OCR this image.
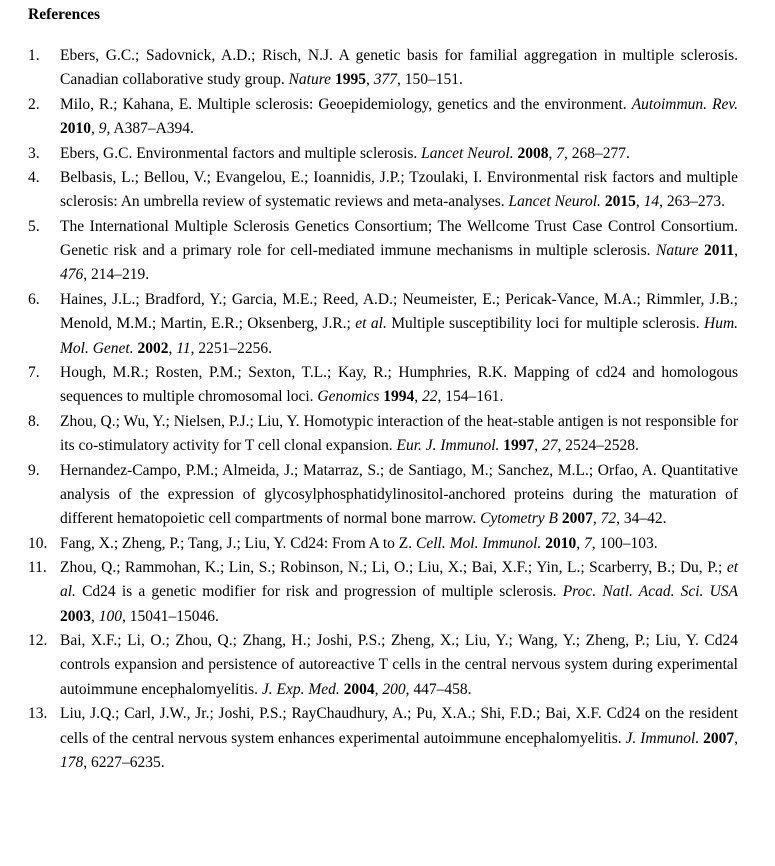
References
1.	Ebers, G.C.; Sadovnick, A.D.; Risch, N.J. A genetic basis for familial aggregation in multiple sclerosis. Canadian collaborative study group. Nature 1995, 377, 150–151.
2.	Milo, R.; Kahana, E. Multiple sclerosis: Geoepidemiology, genetics and the environment. Autoimmun. Rev. 2010, 9, A387–A394.
3.	Ebers, G.C. Environmental factors and multiple sclerosis. Lancet Neurol. 2008, 7, 268–277.
4.	Belbasis, L.; Bellou, V.; Evangelou, E.; Ioannidis, J.P.; Tzoulaki, I. Environmental risk factors and multiple sclerosis: An umbrella review of systematic reviews and meta-analyses. Lancet Neurol. 2015, 14, 263–273.
5.	The International Multiple Sclerosis Genetics Consortium; The Wellcome Trust Case Control Consortium. Genetic risk and a primary role for cell-mediated immune mechanisms in multiple sclerosis. Nature 2011, 476, 214–219.
6.	Haines, J.L.; Bradford, Y.; Garcia, M.E.; Reed, A.D.; Neumeister, E.; Pericak-Vance, M.A.; Rimmler, J.B.; Menold, M.M.; Martin, E.R.; Oksenberg, J.R.; et al. Multiple susceptibility loci for multiple sclerosis. Hum. Mol. Genet. 2002, 11, 2251–2256.
7.	Hough, M.R.; Rosten, P.M.; Sexton, T.L.; Kay, R.; Humphries, R.K. Mapping of cd24 and homologous sequences to multiple chromosomal loci. Genomics 1994, 22, 154–161.
8.	Zhou, Q.; Wu, Y.; Nielsen, P.J.; Liu, Y. Homotypic interaction of the heat-stable antigen is not responsible for its co-stimulatory activity for T cell clonal expansion. Eur. J. Immunol. 1997, 27, 2524–2528.
9.	Hernandez-Campo, P.M.; Almeida, J.; Matarraz, S.; de Santiago, M.; Sanchez, M.L.; Orfao, A. Quantitative analysis of the expression of glycosylphosphatidylinositol-anchored proteins during the maturation of different hematopoietic cell compartments of normal bone marrow. Cytometry B 2007, 72, 34–42.
10. Fang, X.; Zheng, P.; Tang, J.; Liu, Y. Cd24: From A to Z. Cell. Mol. Immunol. 2010, 7, 100–103.
11. Zhou, Q.; Rammohan, K.; Lin, S.; Robinson, N.; Li, O.; Liu, X.; Bai, X.F.; Yin, L.; Scarberry, B.; Du, P.; et al. Cd24 is a genetic modifier for risk and progression of multiple sclerosis. Proc. Natl. Acad. Sci. USA 2003, 100, 15041–15046.
12. Bai, X.F.; Li, O.; Zhou, Q.; Zhang, H.; Joshi, P.S.; Zheng, X.; Liu, Y.; Wang, Y.; Zheng, P.; Liu, Y. Cd24 controls expansion and persistence of autoreactive T cells in the central nervous system during experimental autoimmune encephalomyelitis. J. Exp. Med. 2004, 200, 447–458.
13. Liu, J.Q.; Carl, J.W., Jr.; Joshi, P.S.; RayChaudhury, A.; Pu, X.A.; Shi, F.D.; Bai, X.F. Cd24 on the resident cells of the central nervous system enhances experimental autoimmune encephalomyelitis. J. Immunol. 2007, 178, 6227–6235.
